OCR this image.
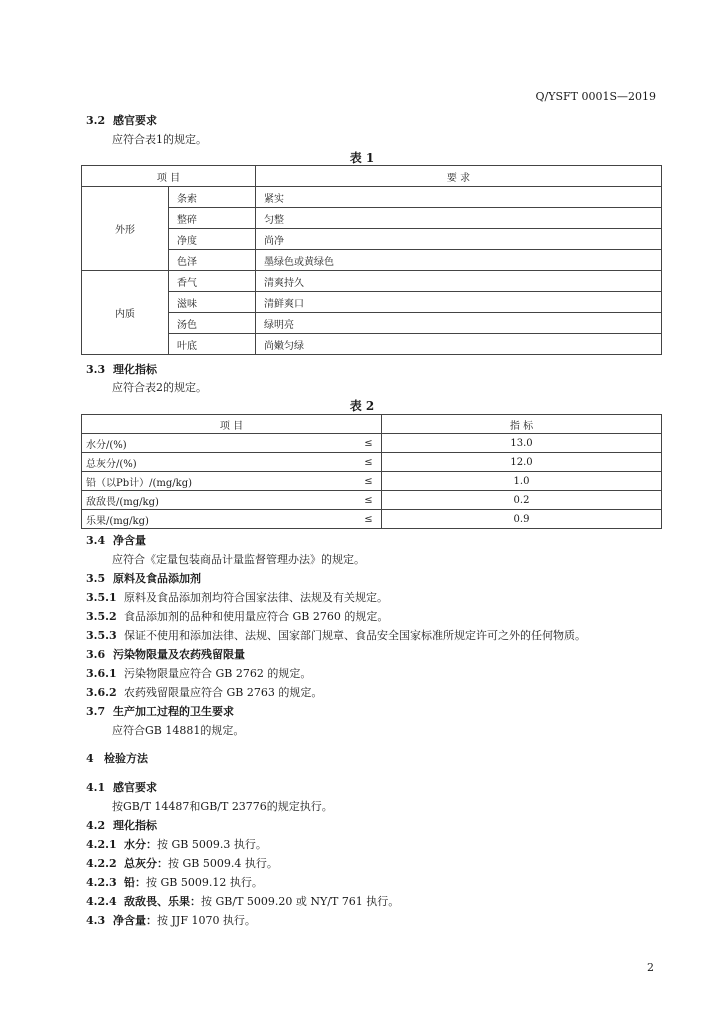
Q/YSFT 0001S—2019
3.2 感官要求
应符合表1的规定。
表 1
项 目		要 求
外形	条索	紧实
	整碎	匀整
	净度	尚净
	色泽	墨绿色或黄绿色
内质	香气	清爽持久
	滋味	清鲜爽口
	汤色	绿明亮
	叶底	尚嫩匀绿
3.3 理化指标
应符合表2的规定。
表 2
项 目		指 标
水分/(%)	≤	13.0
总灰分/(%)	≤	12.0
铅（以Pb计）/(mg/kg)	≤	1.0
敌敌畏/(mg/kg)	≤	0.2
乐果/(mg/kg)	≤	0.9
3.4 净含量
应符合《定量包装商品计量监督管理办法》的规定。
3.5 原料及食品添加剂
3.5.1 原料及食品添加剂均符合国家法律、法规及有关规定。
3.5.2 食品添加剂的品种和使用量应符合 GB 2760 的规定。
3.5.3 保证不使用和添加法律、法规、国家部门规章、食品安全国家标准所规定许可之外的任何物质。
3.6 污染物限量及农药残留限量
3.6.1 污染物限量应符合 GB 2762 的规定。
3.6.2 农药残留限量应符合 GB 2763 的规定。
3.7 生产加工过程的卫生要求
应符合GB 14881的规定。
4 检验方法
4.1 感官要求
按GB/T 14487和GB/T 23776的规定执行。
4.2 理化指标
4.2.1 水分：按 GB 5009.3 执行。
4.2.2 总灰分：按 GB 5009.4 执行。
4.2.3 铅：按 GB 5009.12 执行。
4.2.4 敌敌畏、乐果：按 GB/T 5009.20 或 NY/T 761 执行。
4.3 净含量：按 JJF 1070 执行。
2
